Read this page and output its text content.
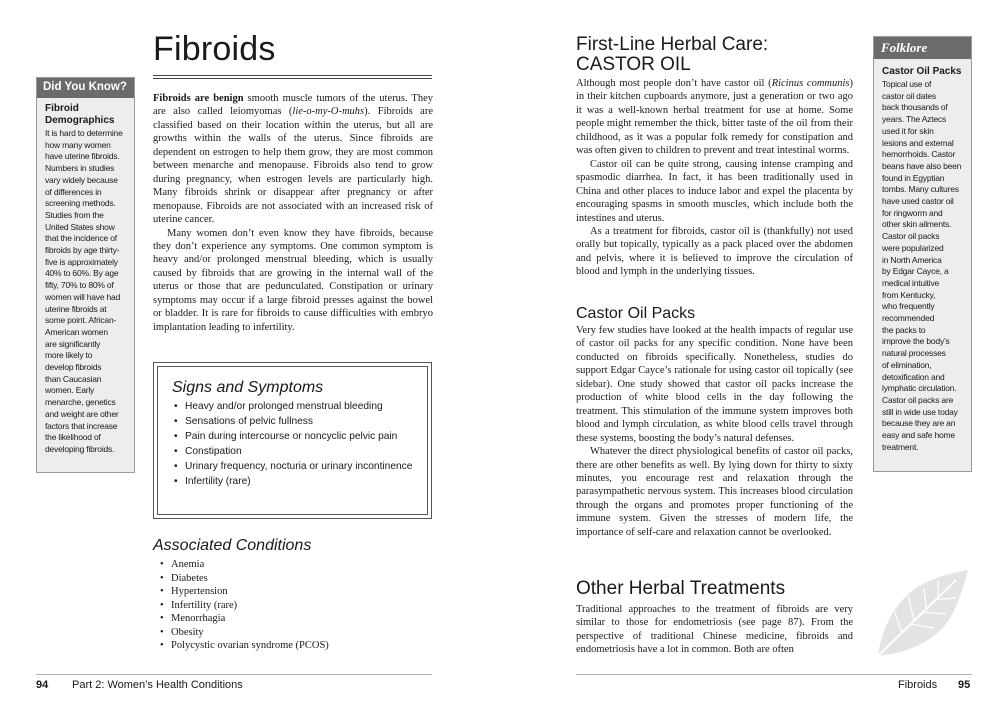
Fibroids
Did You Know?
Fibroid Demographics
It is hard to determine
how many women
have uterine fibroids.
Numbers in studies
vary widely because
of differences in
screening methods.
Studies from the
United States show
that the incidence of
fibroids by age thirty-
five is approximately
40% to 60%. By age
fifty, 70% to 80% of
women will have had
uterine fibroids at
some point. African-
American women
are significantly
more likely to
develop fibroids
than Caucasian
women. Early
menarche, genetics
and weight are other
factors that increase
the likelihood of
developing fibroids.

Fibroids are benign smooth muscle tumors of the uterus. They are also called leiomyomas (lie-o-my-O-muhs). Fibroids are classified based on their location within the uterus, but all are growths within the walls of the uterus. Since fibroids are dependent on estrogen to help them grow, they are most common between menarche and menopause. Fibroids also tend to grow during pregnancy, when estrogen levels are particularly high. Many fibroids shrink or disappear after pregnancy or after menopause. Fibroids are not associated with an increased risk of uterine cancer.

Many women don’t even know they have fibroids, because they don’t experience any symptoms. One common symptom is heavy and/or prolonged menstrual bleeding, which is usually caused by fibroids that are growing in the internal wall of the uterus or those that are pedunculated. Constipation or urinary symptoms may occur if a large fibroid presses against the bowel or bladder. It is rare for fibroids to cause difficulties with embryo implantation leading to infertility.

Signs and Symptoms
• Heavy and/or prolonged menstrual bleeding
• Sensations of pelvic fullness
• Pain during intercourse or noncyclic pelvic pain
• Constipation
• Urinary frequency, nocturia or urinary incontinence
• Infertility (rare)
Associated Conditions
• Anemia
• Diabetes
• Hypertension
• Infertility (rare)
• Menorrhagia
• Obesity
• Polycystic ovarian syndrome (PCOS)
94 Part 2: Women’s Health Conditions
First-Line Herbal Care:
CASTOR OIL

Although most people don’t have castor oil (Ricinus communis) in their kitchen cupboards anymore, just a generation or two ago it was a well-known herbal treatment for use at home. Some people might remember the thick, bitter taste of the oil from their childhood, as it was a popular folk remedy for constipation and was often given to children to prevent and treat intestinal worms.

Castor oil can be quite strong, causing intense cramping and spasmodic diarrhea. In fact, it has been traditionally used in China and other places to induce labor and expel the placenta by encouraging spasms in smooth muscles, which include both the intestines and uterus.

As a treatment for fibroids, castor oil is (thankfully) not used orally but topically, typically as a pack placed over the abdomen and pelvis, where it is believed to improve the circulation of blood and lymph in the underlying tissues.

Castor Oil Packs

Very few studies have looked at the health impacts of regular use of castor oil packs for any specific condition. None have been conducted on fibroids specifically. Nonetheless, studies do support Edgar Cayce’s rationale for using castor oil topically (see sidebar). One study showed that castor oil packs increase the production of white blood cells in the day following the treatment. This stimulation of the immune system improves both blood and lymph circulation, as white blood cells travel through these systems, boosting the body’s natural defenses.

Whatever the direct physiological benefits of castor oil packs, there are other benefits as well. By lying down for thirty to sixty minutes, you encourage rest and relaxation through the parasympathetic nervous system. This increases blood circulation through the organs and promotes proper functioning of the immune system. Given the stresses of modern life, the importance of self-care and relaxation cannot be overlooked.

Other Herbal Treatments

Traditional approaches to the treatment of fibroids are very similar to those for endometriosis (see page 87). From the perspective of traditional Chinese medicine, fibroids and endometriosis have a lot in common. Both are often

Folklore
Castor Oil Packs
Topical use of
castor oil dates
back thousands of
years. The Aztecs
used it for skin
lesions and external
hemorrhoids. Castor
beans have also been
found in Egyptian
tombs. Many cultures
have used castor oil
for ringworm and
other skin ailments.
Castor oil packs
were popularized
in North America
by Edgar Cayce, a
medical intuitive
from Kentucky,
who frequently
recommended
the packs to
improve the body’s
natural processes
of elimination,
detoxification and
lymphatic circulation.
Castor oil packs are
still in wide use today
because they are an
easy and safe home
treatment.
Fibroids 95
